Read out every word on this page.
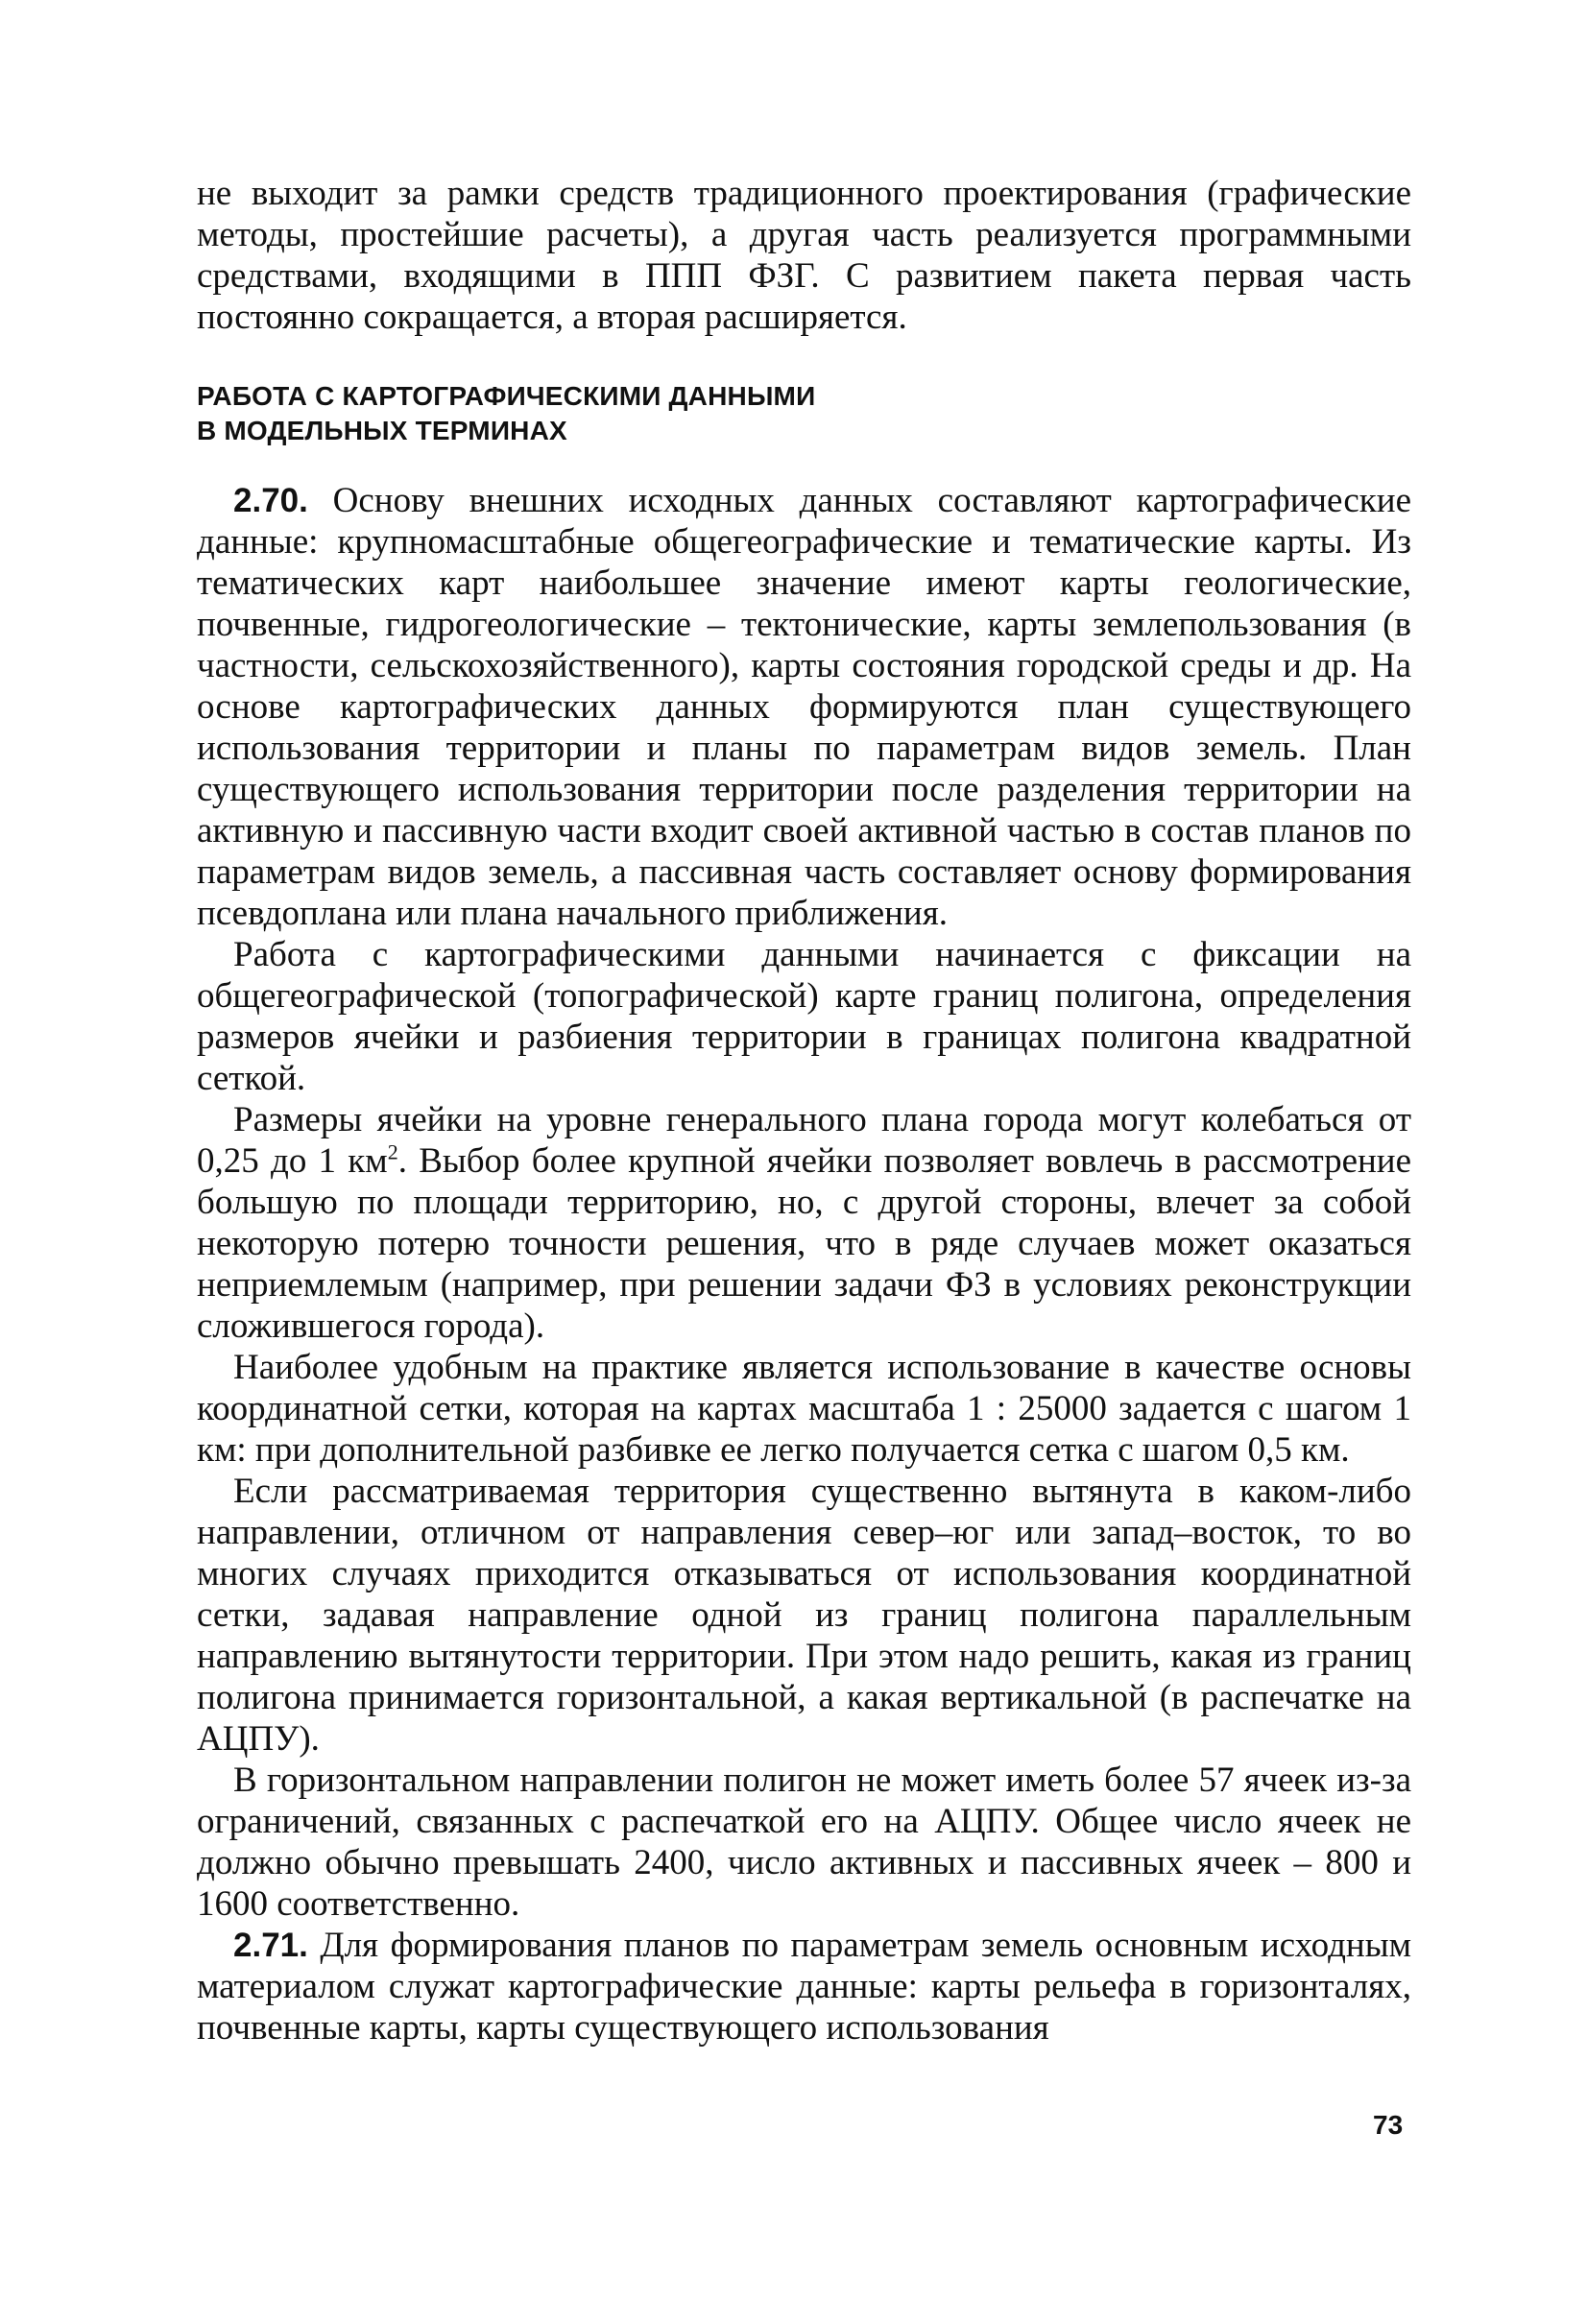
не выходит за рамки средств традиционного проектирования (графические методы, простейшие расчеты), а другая часть реализуется программными средствами, входящими в ППП ФЗГ. С развитием пакета первая часть постоянно сокращается, а вторая расширяется.

РАБОТА С КАРТОГРАФИЧЕСКИМИ ДАННЫМИ
В МОДЕЛЬНЫХ ТЕРМИНАХ

2.70. Основу внешних исходных данных составляют картографические данные: крупномасштабные общегеографические и тематические карты. Из тематических карт наибольшее значение имеют карты геологические, почвенные, гидрогеологические – тектонические, карты землепользования (в частности, сельскохозяйственного), карты состояния городской среды и др. На основе картографических данных формируются план существующего использования территории и планы по параметрам видов земель. План существующего использования территории после разделения территории на активную и пассивную части входит своей активной частью в состав планов по параметрам видов земель, а пассивная часть составляет основу формирования псевдоплана или плана начального приближения.

Работа с картографическими данными начинается с фиксации на общегеографической (топографической) карте границ полигона, определения размеров ячейки и разбиения территории в границах полигона квадратной сеткой.

Размеры ячейки на уровне генерального плана города могут колебаться от 0,25 до 1 $км^2$. Выбор более крупной ячейки позволяет вовлечь в рассмотрение большую по площади территорию, но, с другой стороны, влечет за собой некоторую потерю точности решения, что в ряде случаев может оказаться неприемлемым (например, при решении задачи ФЗ в условиях реконструкции сложившегося города).

Наиболее удобным на практике является использование в качестве основы координатной сетки, которая на картах масштаба 1 : 25000 задается с шагом 1 км: при дополнительной разбивке ее легко получается сетка с шагом 0,5 км.

Если рассматриваемая территория существенно вытянута в каком-либо направлении, отличном от направления север–юг или запад–восток, то во многих случаях приходится отказываться от использования координатной сетки, задавая направление одной из границ полигона параллельным направлению вытянутости территории. При этом надо решить, какая из границ полигона принимается горизонтальной, а какая вертикальной (в распечатке на АЦПУ).

В горизонтальном направлении полигон не может иметь более 57 ячеек из-за ограничений, связанных с распечаткой его на АЦПУ. Общее число ячеек не должно обычно превышать 2400, число активных и пассивных ячеек – 800 и 1600 соответственно.

2.71. Для формирования планов по параметрам земель основным исходным материалом служат картографические данные: карты рельефа в горизонталях, почвенные карты, карты существующего использования

73
